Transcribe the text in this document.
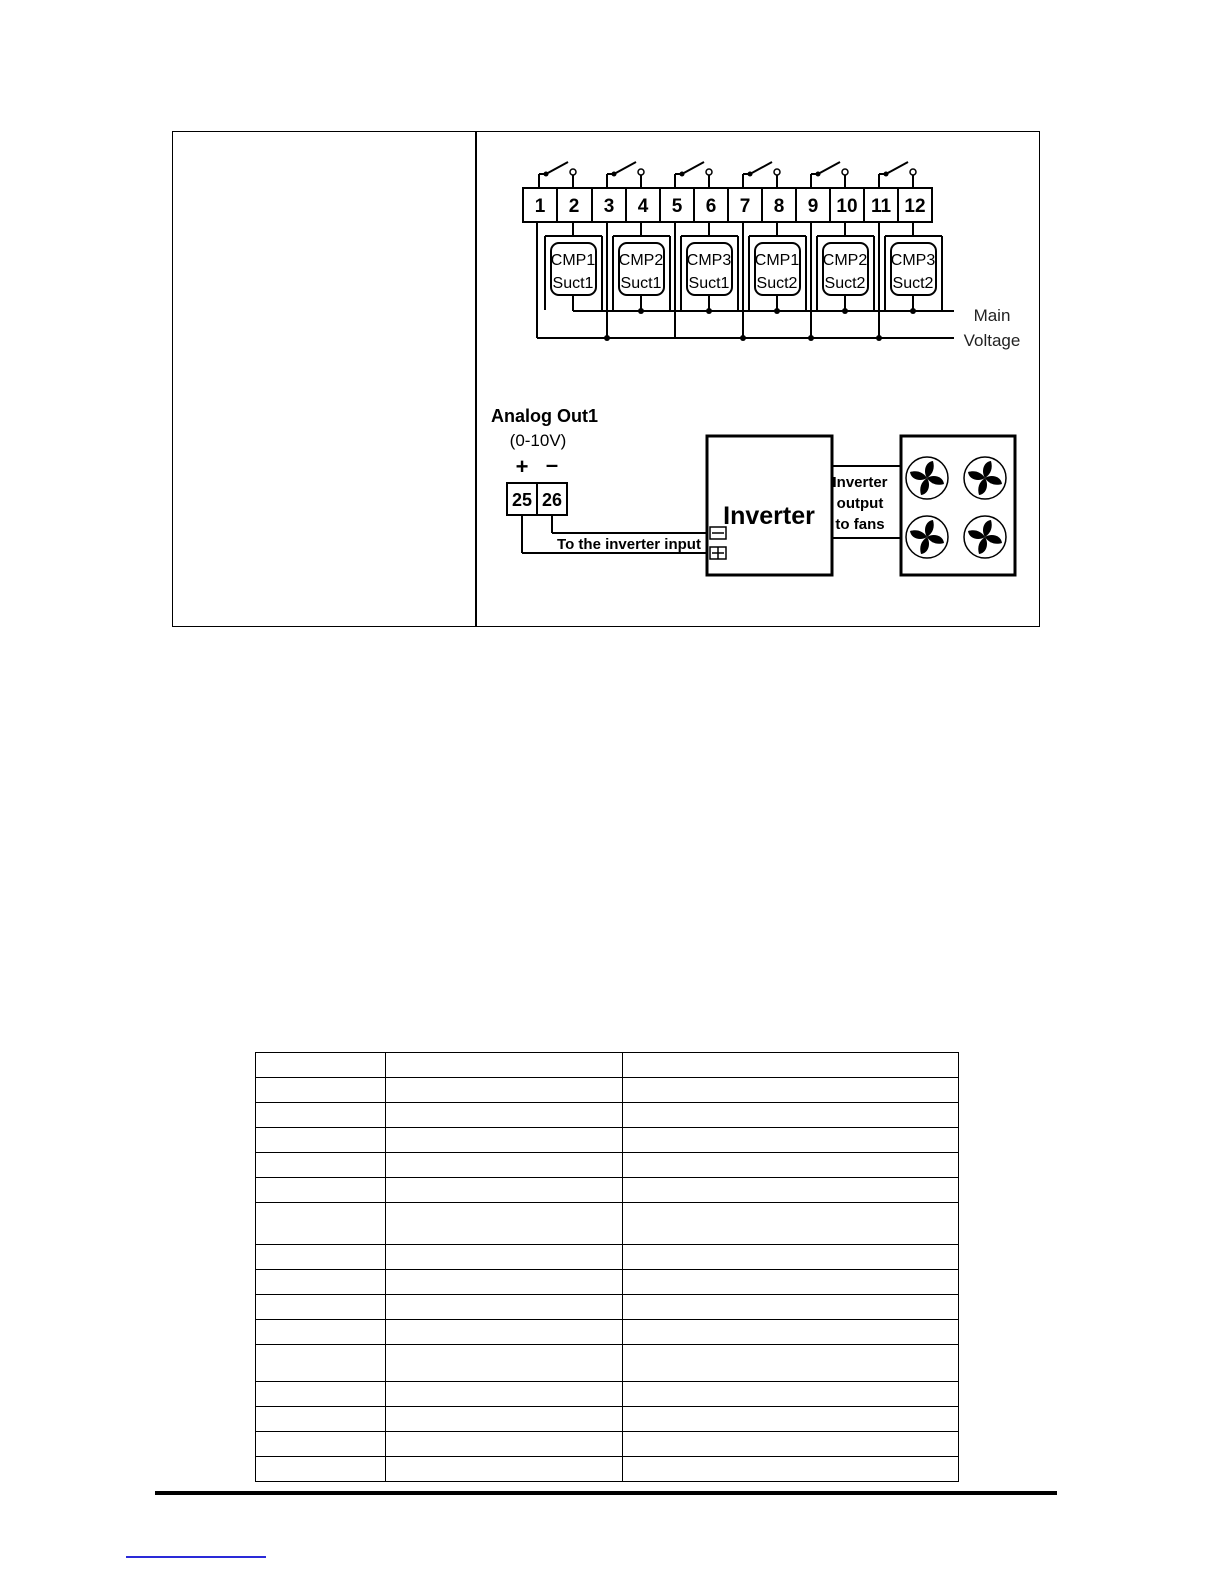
1 2 3 4 5 6 7 8 9 10 11 12
CMP1
Suct1
CMP2
Suct1
CMP3
Suct1
CMP1
Suct2
CMP2
Suct2
CMP3
Suct2
Main
Voltage
Analog Out1
(0-10V)
+ –
25 26
To the inverter input
Inverter
Inverter
output
to fans
